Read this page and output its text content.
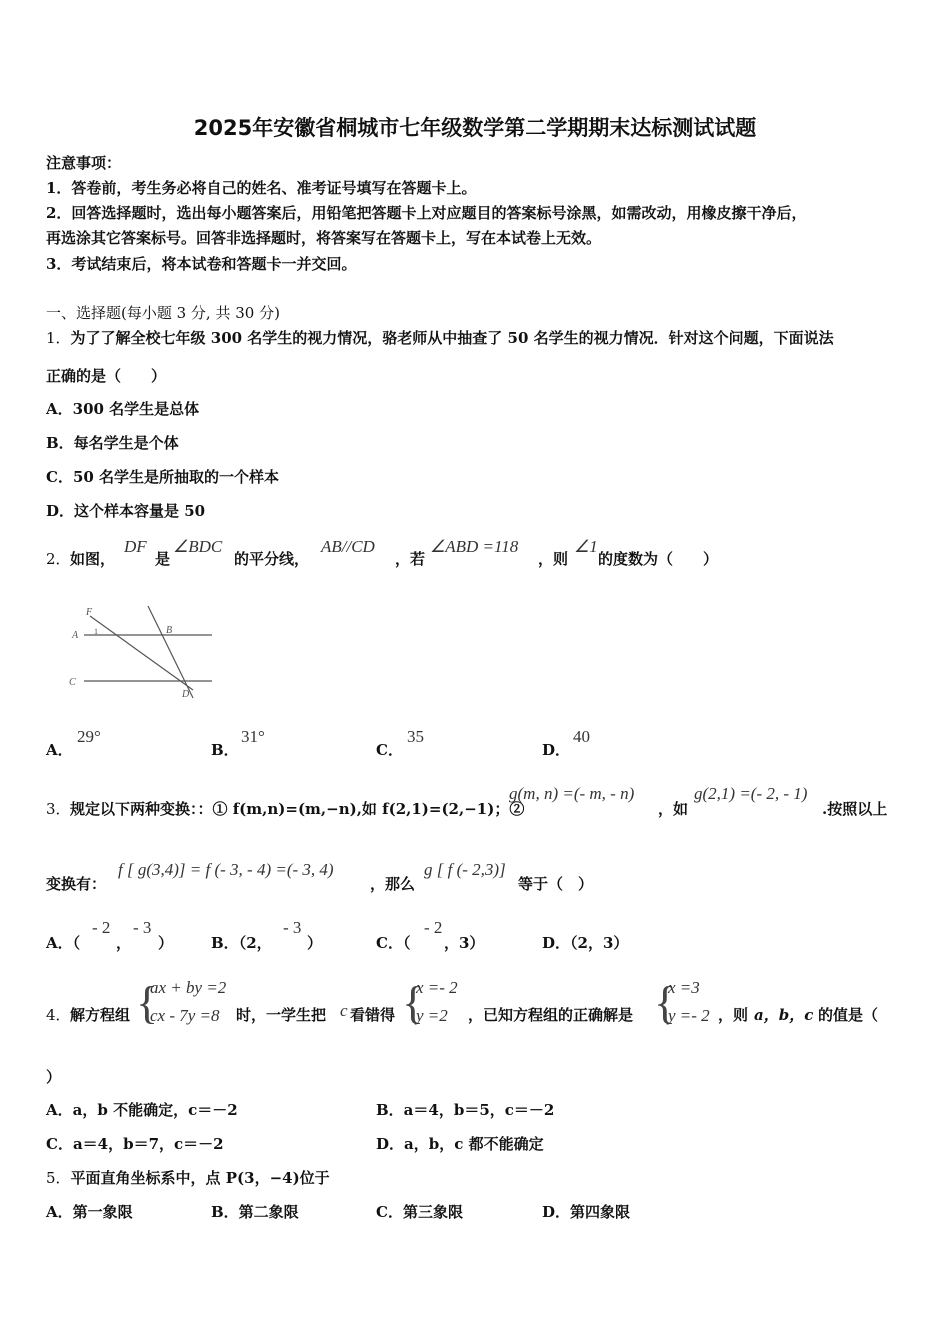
2025年安徽省桐城市七年级数学第二学期期末达标测试试题
注意事项：
1．答卷前，考生务必将自己的姓名、准考证号填写在答题卡上。
2．回答选择题时，选出每小题答案后，用铅笔把答题卡上对应题目的答案标号涂黑，如需改动，用橡皮擦干净后，
再选涂其它答案标号。回答非选择题时，将答案写在答题卡上，写在本试卷上无效。
3．考试结束后，将本试卷和答题卡一并交回。
一、选择题(每小题 3 分, 共 30 分)
1．为了了解全校七年级 300 名学生的视力情况，骆老师从中抽查了 50 名学生的视力情况．针对这个问题，下面说法
正确的是（　　）
A．300 名学生是总体
B．每名学生是个体
C．50 名学生是所抽取的一个样本
D．这个样本容量是 50
2． 如图，
DF
是
∠BDC
的平分线，
AB//CD
，若
∠ABD =118
，则
∠1
的度数为（　　）
F
A 1	B
C
D
A．
29°
B．
31°
C．
35
D．
40
3． 规定以下两种变换：：① f(m,n)=(m,−n),如 f(2,1)=(2,−1)；②
g(m, n) =(- m, - n)
，如
g(2,1) =(- 2, - 1)
.按照以上
变换有：
f [ g(3,4)] = f (- 3, - 4) =(- 3, 4)
，那么
g [ f (- 2,3)]
等于（　）
A．（
- 2
，
- 3
）	B．（2，
- 3
）	C．（
- 2
，3）	D．（2，3）
4． 解方程组 {
ax + by =2
cx - 7y =8 时，一学生把 c 看错得 {
x =- 2
y =2 ，已知方程组的正确解是 {
x =3
y =- 2 ，则 a，b，c 的值是（
）
A．a，b 不能确定，c＝－2	B．a＝4，b＝5，c＝－2
C．a＝4，b＝7，c＝－2	D．a，b，c 都不能确定
5．平面直角坐标系中，点 P(3，−4)位于
A．第一象限	B．第二象限	C．第三象限	D．第四象限
